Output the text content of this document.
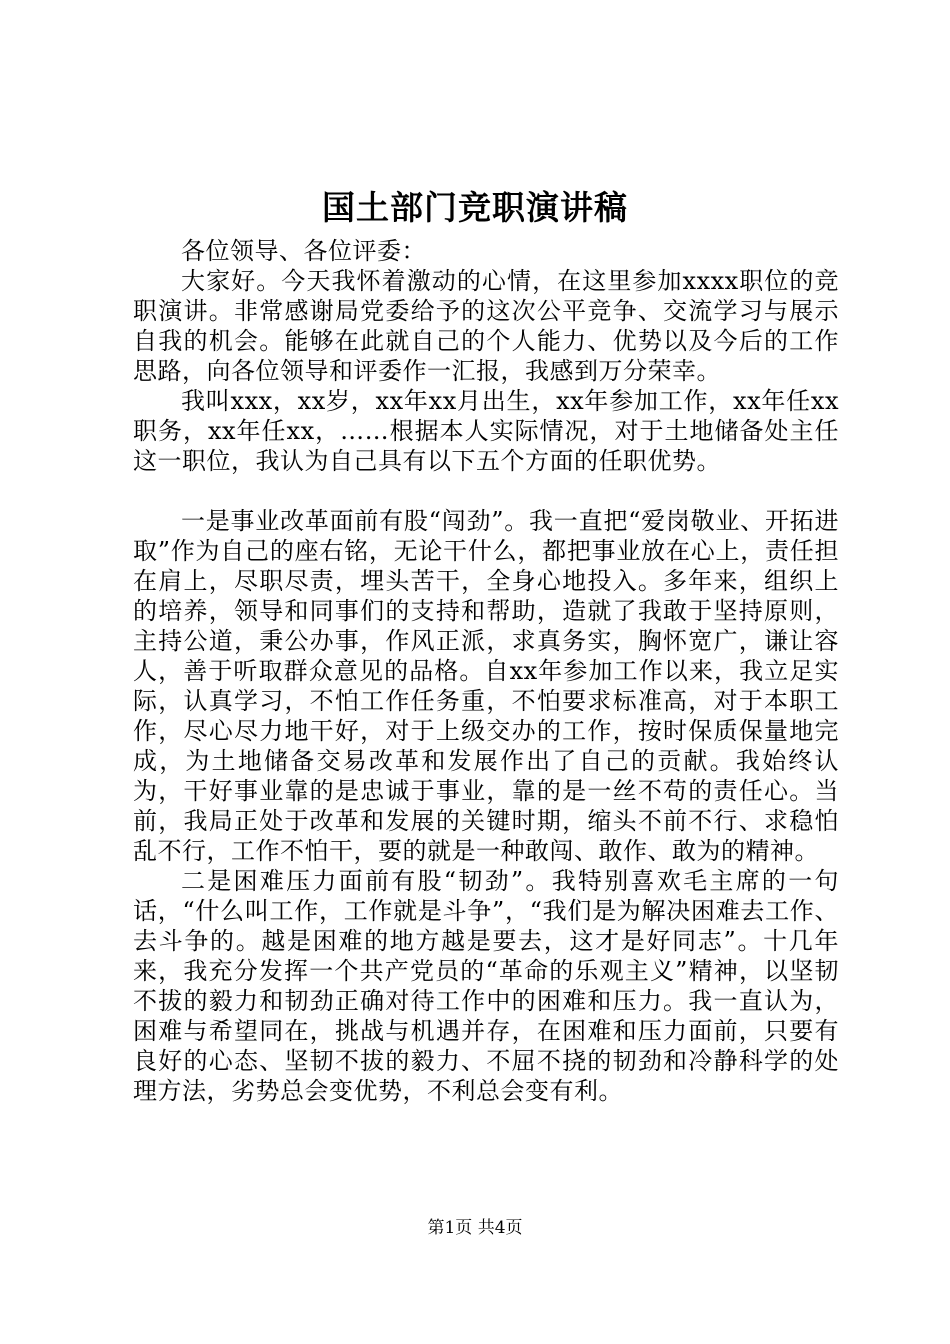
国土部门竞职演讲稿

各位领导、各位评委：

大家好。今天我怀着激动的心情，在这里参加xxxx职位的竞职演讲。非常感谢局党委给予的这次公平竞争、交流学习与展示自我的机会。能够在此就自己的个人能力、优势以及今后的工作思路，向各位领导和评委作一汇报，我感到万分荣幸。

我叫xxx，xx岁，xx年xx月出生，xx年参加工作，xx年任xx职务，xx年任xx，……根据本人实际情况，对于土地储备处主任这一职位，我认为自己具有以下五个方面的任职优势。

一是事业改革面前有股“闯劲”。我一直把“爱岗敬业、开拓进取”作为自己的座右铭，无论干什么，都把事业放在心上，责任担在肩上，尽职尽责，埋头苦干，全身心地投入。多年来，组织上的培养，领导和同事们的支持和帮助，造就了我敢于坚持原则，主持公道，秉公办事，作风正派，求真务实，胸怀宽广，谦让容人，善于听取群众意见的品格。自xx年参加工作以来，我立足实际，认真学习，不怕工作任务重，不怕要求标准高，对于本职工作，尽心尽力地干好，对于上级交办的工作，按时保质保量地完成，为土地储备交易改革和发展作出了自己的贡献。我始终认为，干好事业靠的是忠诚于事业，靠的是一丝不苟的责任心。当前，我局正处于改革和发展的关键时期，缩头不前不行、求稳怕乱不行，工作不怕干，要的就是一种敢闯、敢作、敢为的精神。

二是困难压力面前有股“韧劲”。我特别喜欢毛主席的一句话，“什么叫工作，工作就是斗争”，“我们是为解决困难去工作、去斗争的。越是困难的地方越是要去，这才是好同志”。十几年来，我充分发挥一个共产党员的“革命的乐观主义”精神，以坚韧不拔的毅力和韧劲正确对待工作中的困难和压力。我一直认为，困难与希望同在，挑战与机遇并存，在困难和压力面前，只要有良好的心态、坚韧不拔的毅力、不屈不挠的韧劲和冷静科学的处理方法，劣势总会变优势，不利总会变有利。

第1页 共4页
